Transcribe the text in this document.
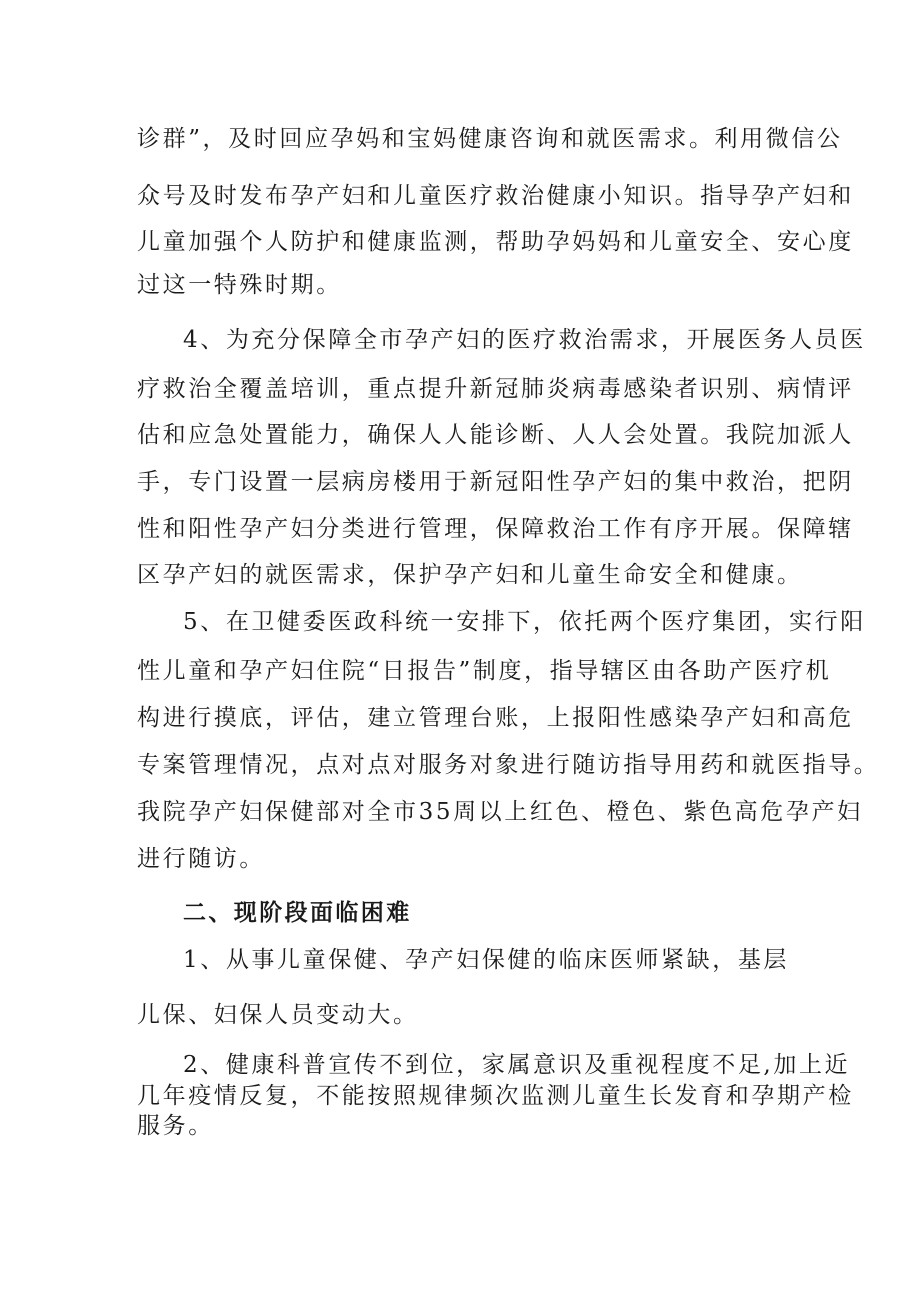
诊群”，及时回应孕妈和宝妈健康咨询和就医需求。利用微信公
众号及时发布孕产妇和儿童医疗救治健康小知识。指导孕产妇和
儿童加强个人防护和健康监测，帮助孕妈妈和儿童安全、安心度
过这一特殊时期。
4、为充分保障全市孕产妇的医疗救治需求，开展医务人员医
疗救治全覆盖培训，重点提升新冠肺炎病毒感染者识别、病情评
估和应急处置能力，确保人人能诊断、人人会处置。我院加派人
手，专门设置一层病房楼用于新冠阳性孕产妇的集中救治，把阴
性和阳性孕产妇分类进行管理，保障救治工作有序开展。保障辖
区孕产妇的就医需求，保护孕产妇和儿童生命安全和健康。
5、在卫健委医政科统一安排下，依托两个医疗集团，实行阳
性儿童和孕产妇住院“日报告”制度，指导辖区由各助产医疗机
构进行摸底，评估，建立管理台账，上报阳性感染孕产妇和高危
专案管理情况，点对点对服务对象进行随访指导用药和就医指导。
我院孕产妇保健部对全市35周以上红色、橙色、紫色高危孕产妇
进行随访。
二、现阶段面临困难
1、从事儿童保健、孕产妇保健的临床医师紧缺，基层
儿保、妇保人员变动大。
2、健康科普宣传不到位，家属意识及重视程度不足,加上近
几年疫情反复，不能按照规律频次监测儿童生长发育和孕期产检
服务。
